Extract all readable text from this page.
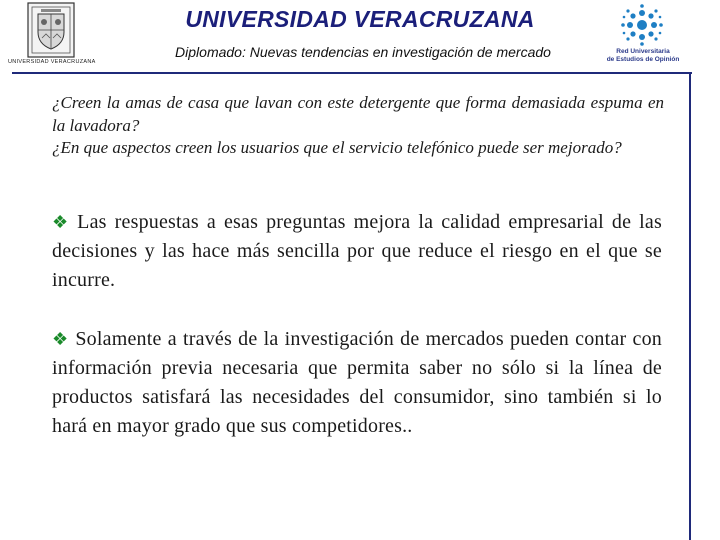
UNIVERSIDAD VERACRUZANA
UNIVERSIDAD VERACRUZANA
Diplomado: Nuevas tendencias en investigación de mercado	Red Universitaria
de Estudios de Opinión

¿Creen la amas de casa que lavan con este detergente que forma demasiada espuma en la lavadora?

¿En que aspectos creen los usuarios que el servicio telefónico puede ser mejorado?

❖ Las respuestas a esas preguntas mejora la calidad empresarial de las decisiones y las hace más sencilla por que reduce el riesgo en el que se incurre.
❖ Solamente a través de la investigación de mercados pueden contar con información previa necesaria que permita saber no sólo si la línea de productos satisfará las necesidades del consumidor, sino también si lo hará en mayor grado que sus competidores..
